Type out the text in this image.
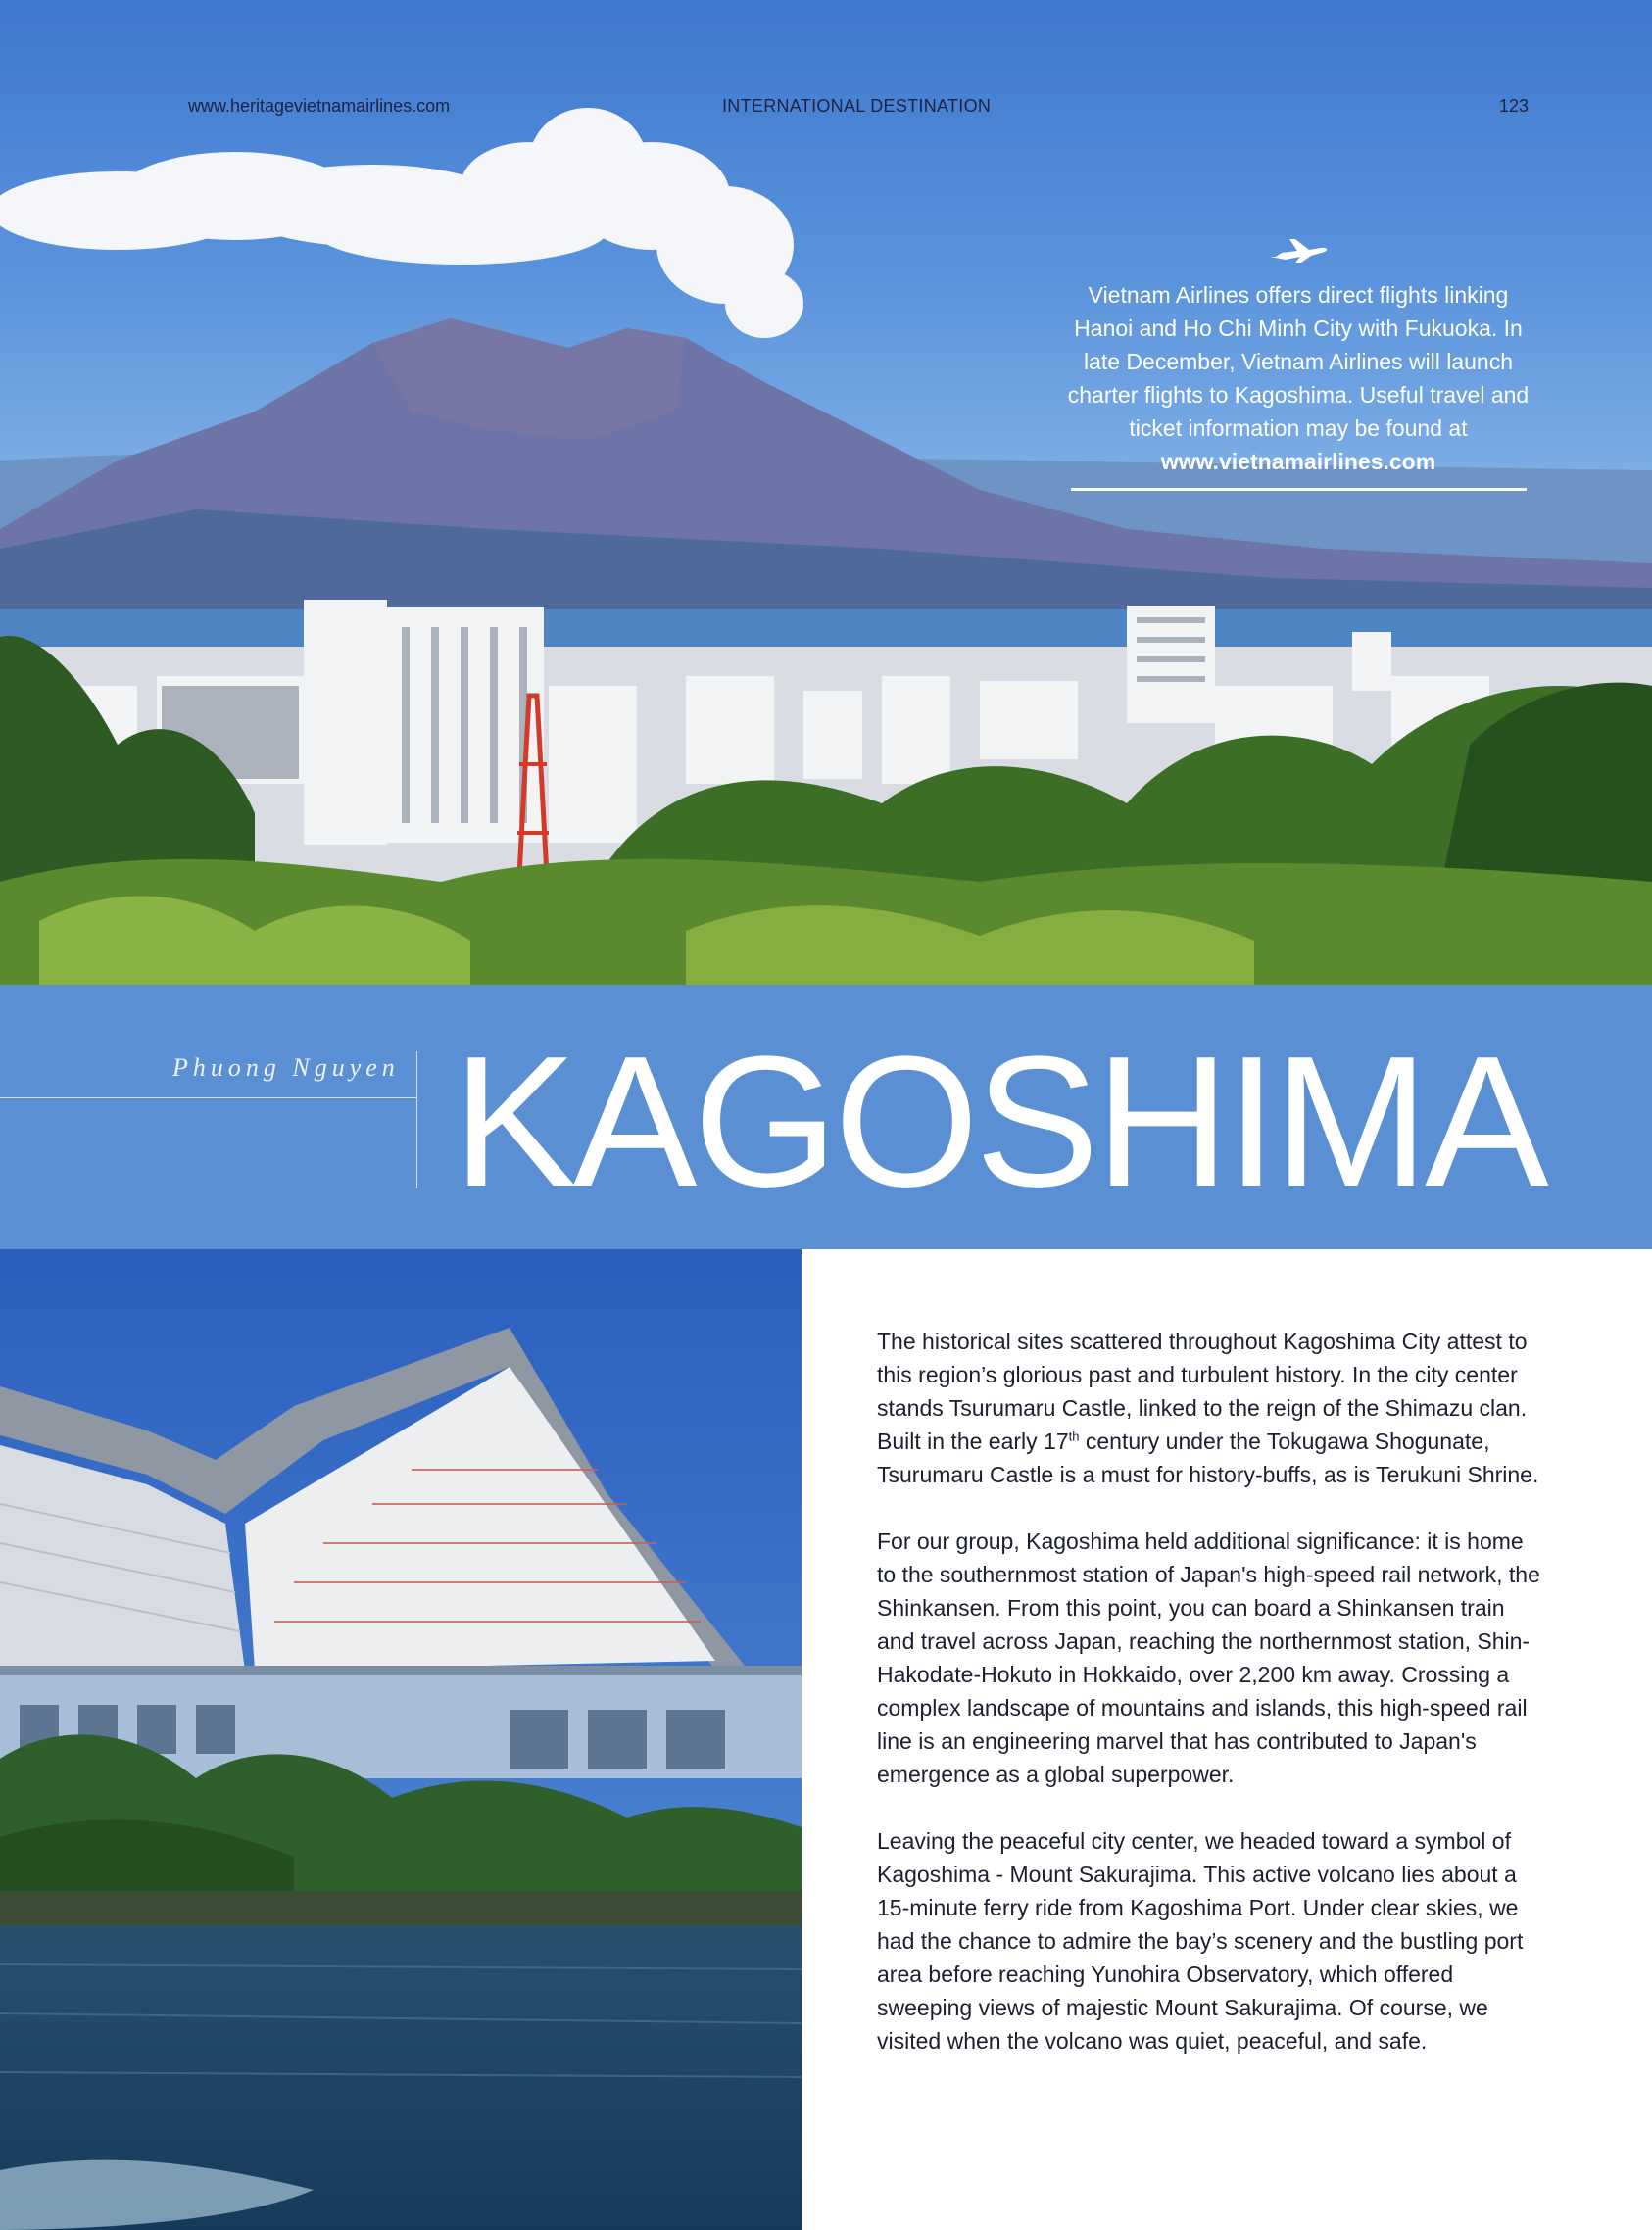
www.heritagevietnamairlines.com	INTERNATIONAL DESTINATION	123

Vietnam Airlines offers direct flights linking Hanoi and Ho Chi Minh City with Fukuoka. In late December, Vietnam Airlines will launch charter flights to Kagoshima. Useful travel and ticket information may be found at www.vietnamairlines.com

Phuong Nguyen KAGOSHIMA

The historical sites scattered throughout Kagoshima City attest to this region’s glorious past and turbulent history. In the city center stands Tsurumaru Castle, linked to the reign of the Shimazu clan. Built in the early 17th century under the Tokugawa Shogunate, Tsurumaru Castle is a must for history-buffs, as is Terukuni Shrine.

For our group, Kagoshima held additional significance: it is home to the southernmost station of Japan's high-speed rail network, the Shinkansen. From this point, you can board a Shinkansen train and travel across Japan, reaching the northernmost station, Shin-Hakodate-Hokuto in Hokkaido, over 2,200 km away. Crossing a complex landscape of mountains and islands, this high-speed rail line is an engineering marvel that has contributed to Japan's emergence as a global superpower.

Leaving the peaceful city center, we headed toward a symbol of Kagoshima - Mount Sakurajima. This active volcano lies about a 15-minute ferry ride from Kagoshima Port. Under clear skies, we had the chance to admire the bay’s scenery and the bustling port area before reaching Yunohira Observatory, which offered sweeping views of majestic Mount Sakurajima. Of course, we visited when the volcano was quiet, peaceful, and safe.
